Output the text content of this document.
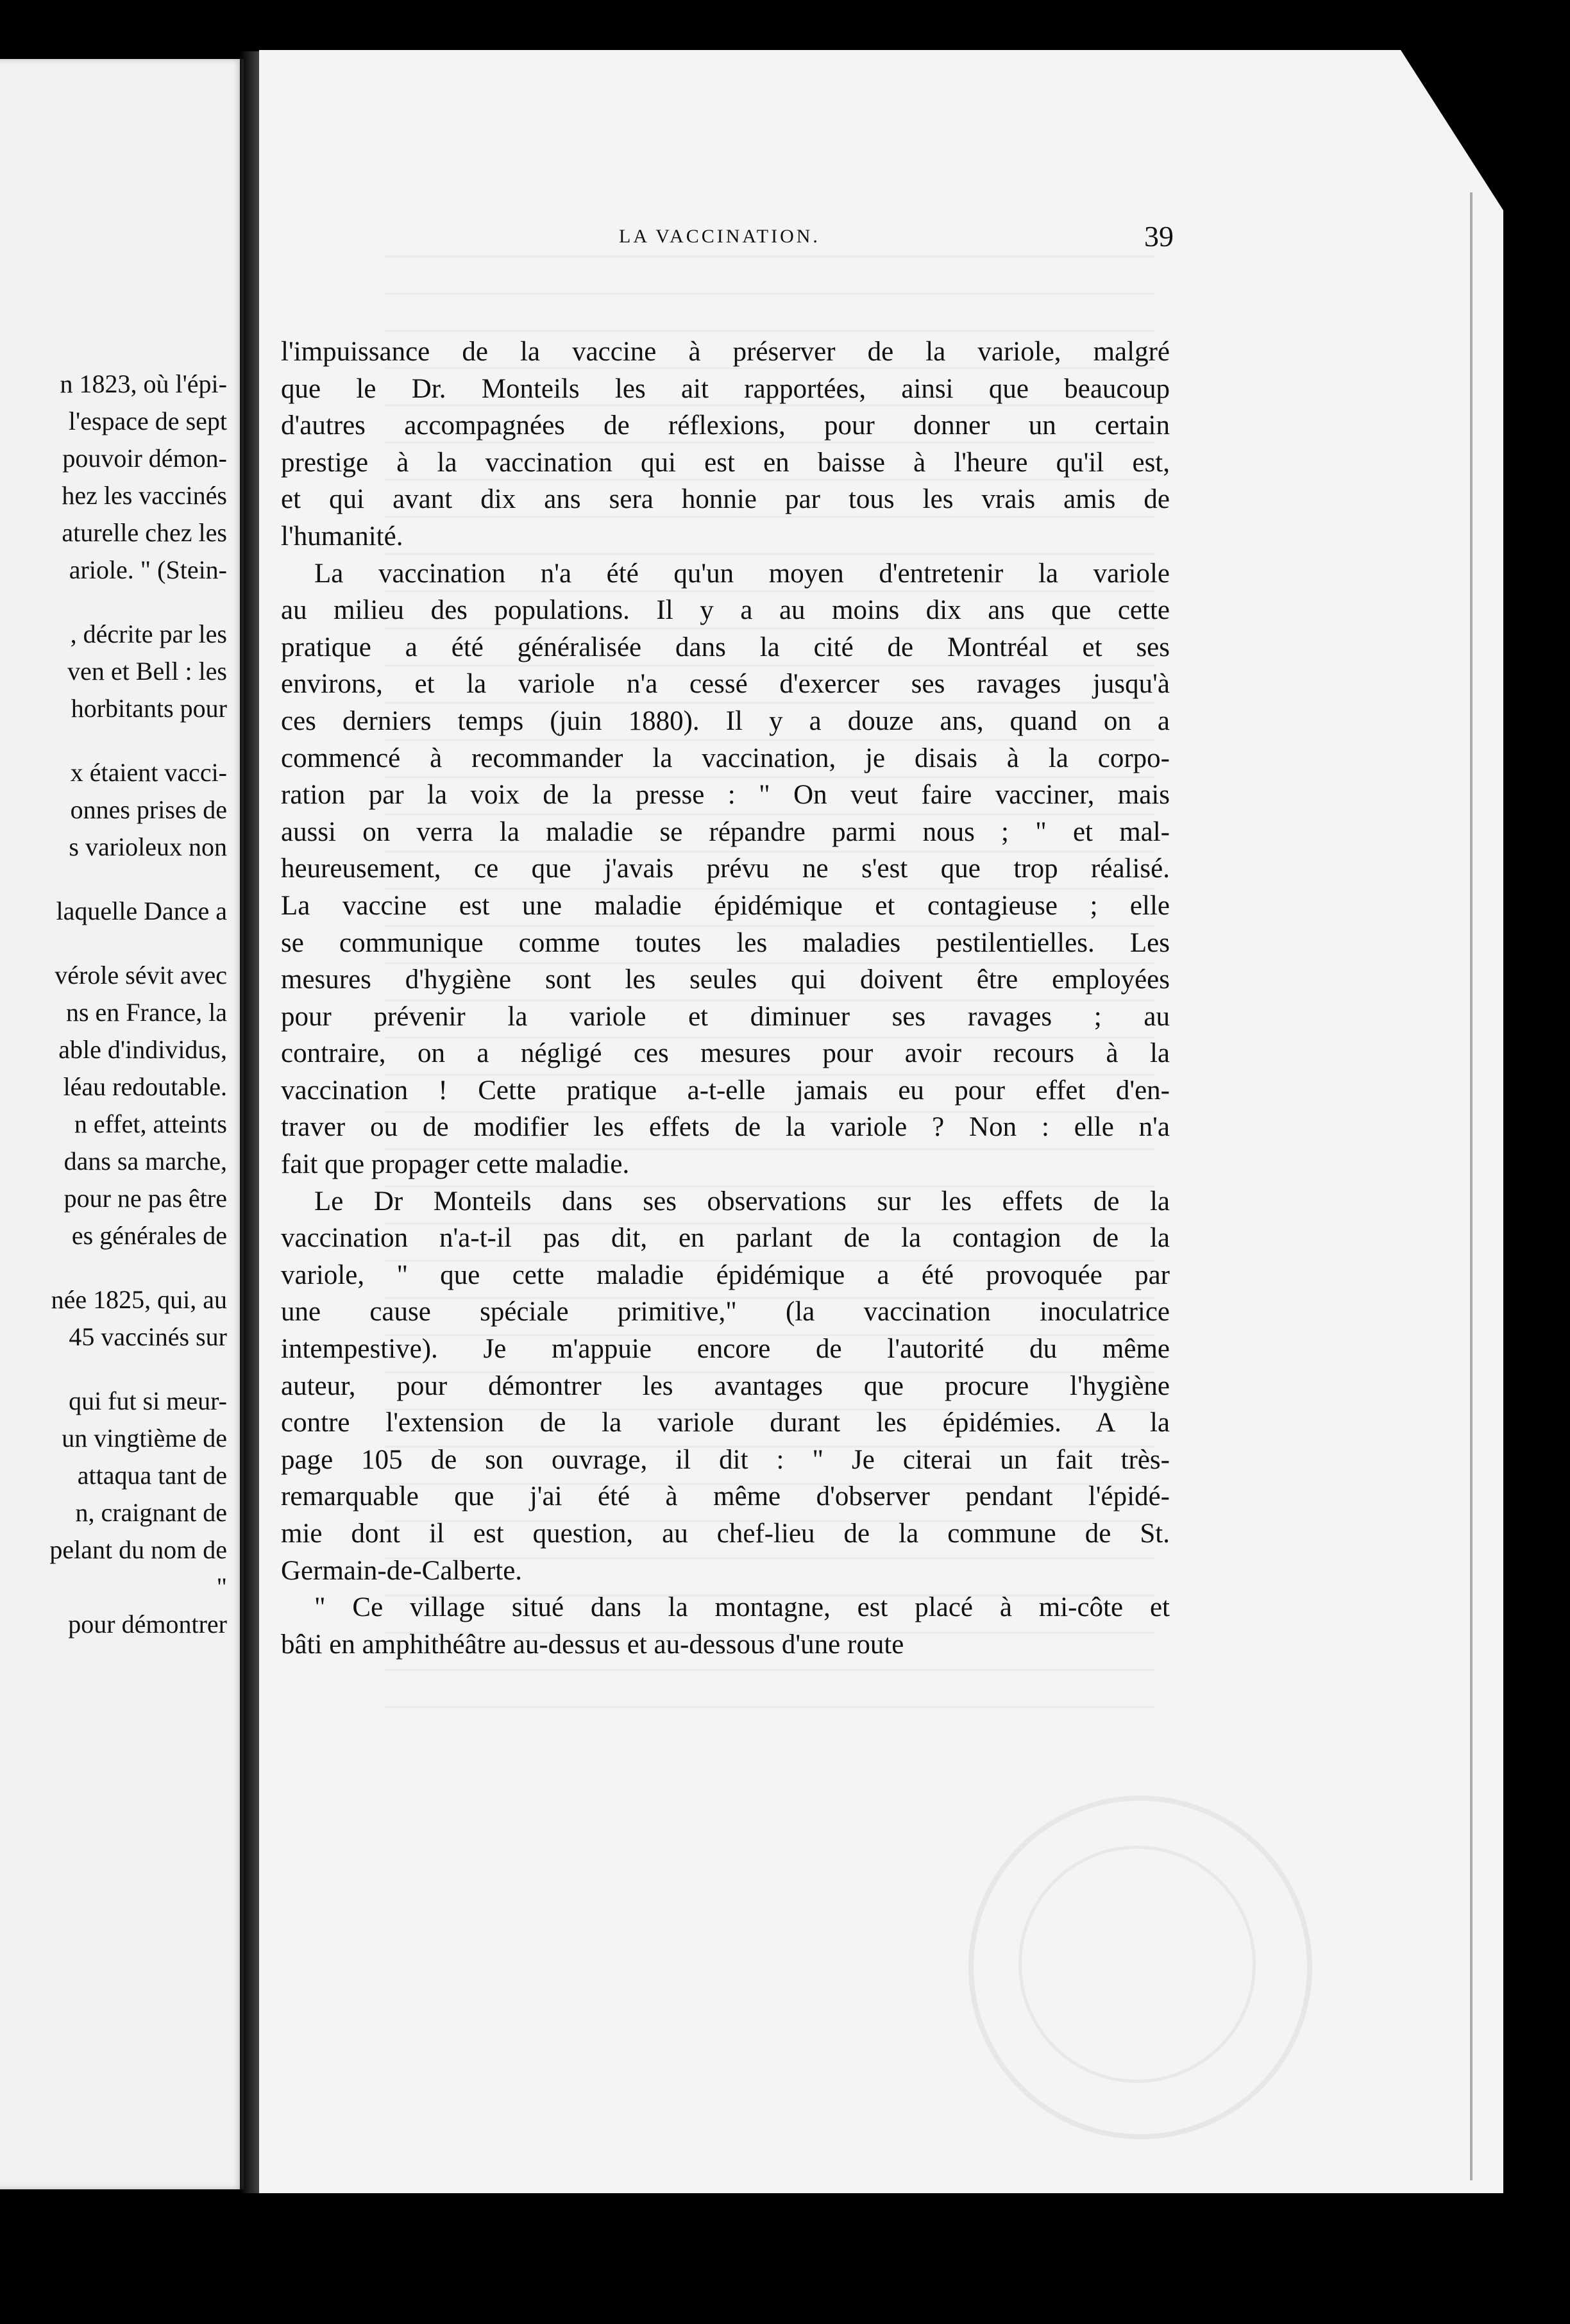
n 1823, où l'épi-
l'espace de sept
pouvoir démon-
hez les vaccinés
aturelle chez les
ariole. " (Stein-
, décrite par les
ven et Bell : les
horbitants pour
x étaient vacci-
onnes prises de
s varioleux non
laquelle Dance a
vérole sévit avec
ns en France, la
able d'individus,
léau redoutable.
n effet, atteints
dans sa marche,
pour ne pas être
es générales de
née 1825, qui, au
45 vaccinés sur
qui fut si meur-
un vingtième de
attaqua tant de
n, craignant de
pelant du nom de
"
pour démontrer
LA VACCINATION.	39
l'impuissance de la vaccine à préserver de la variole, malgré
que le Dr. Monteils les ait rapportées, ainsi que beaucoup
d'autres accompagnées de réflexions, pour donner un certain
prestige à la vaccination qui est en baisse à l'heure qu'il est,
et qui avant dix ans sera honnie par tous les vrais amis de
l'humanité.
La vaccination n'a été qu'un moyen d'entretenir la variole
au milieu des populations. Il y a au moins dix ans que cette
pratique a été généralisée dans la cité de Montréal et ses
environs, et la variole n'a cessé d'exercer ses ravages jusqu'à
ces derniers temps (juin 1880). Il y a douze ans, quand on a
commencé à recommander la vaccination, je disais à la corpo-
ration par la voix de la presse : " On veut faire vacciner, mais
aussi on verra la maladie se répandre parmi nous ; " et mal-
heureusement, ce que j'avais prévu ne s'est que trop réalisé.
La vaccine est une maladie épidémique et contagieuse ; elle
se communique comme toutes les maladies pestilentielles. Les
mesures d'hygiène sont les seules qui doivent être employées
pour prévenir la variole et diminuer ses ravages ; au
contraire, on a négligé ces mesures pour avoir recours à la
vaccination ! Cette pratique a-t-elle jamais eu pour effet d'en-
traver ou de modifier les effets de la variole ? Non : elle n'a
fait que propager cette maladie.
Le Dr Monteils dans ses observations sur les effets de la
vaccination n'a-t-il pas dit, en parlant de la contagion de la
variole, " que cette maladie épidémique a été provoquée par
une cause spéciale primitive," (la vaccination inoculatrice
intempestive). Je m'appuie encore de l'autorité du même
auteur, pour démontrer les avantages que procure l'hygiène
contre l'extension de la variole durant les épidémies. A la
page 105 de son ouvrage, il dit : " Je citerai un fait très-
remarquable que j'ai été à même d'observer pendant l'épidé-
mie dont il est question, au chef-lieu de la commune de St.
Germain-de-Calberte.
" Ce village situé dans la montagne, est placé à mi-côte et
bâti en amphithéâtre au-dessus et au-dessous d'une route
